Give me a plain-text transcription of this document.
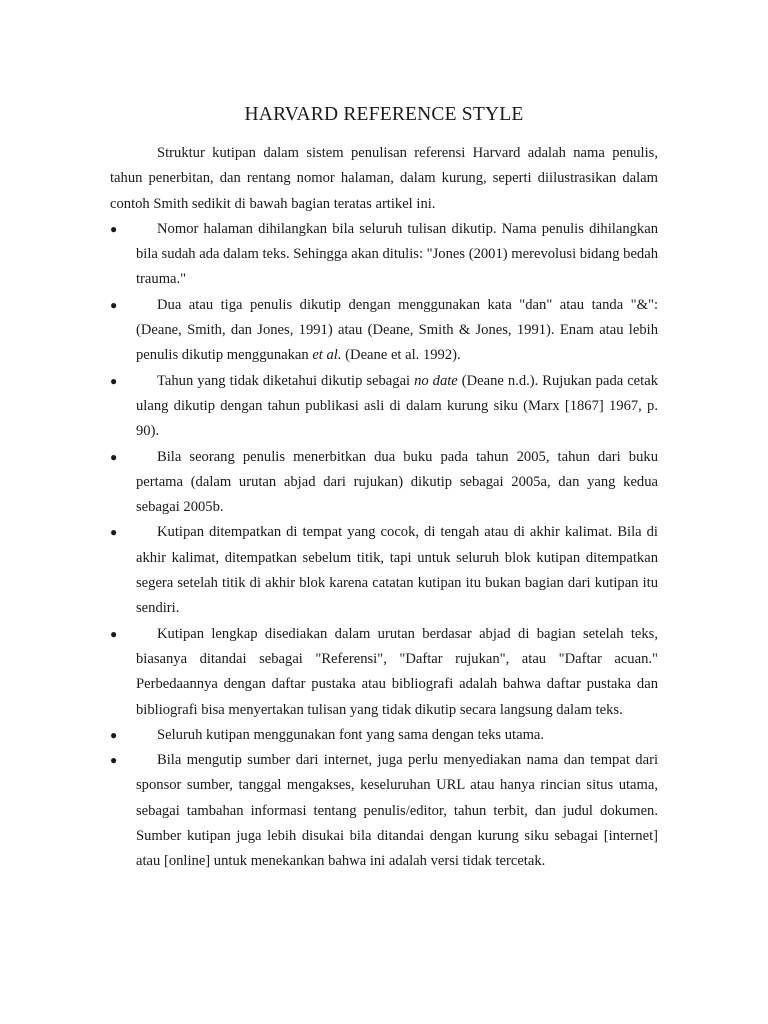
HARVARD REFERENCE STYLE

Struktur kutipan dalam sistem penulisan referensi Harvard adalah nama penulis, tahun penerbitan, dan rentang nomor halaman, dalam kurung, seperti diilustrasikan dalam contoh Smith sedikit di bawah bagian teratas artikel ini.

●	Nomor halaman dihilangkan bila seluruh tulisan dikutip. Nama penulis dihilangkan bila sudah ada dalam teks. Sehingga akan ditulis: "Jones (2001) merevolusi bidang bedah trauma."
●	Dua atau tiga penulis dikutip dengan menggunakan kata "dan" atau tanda "&": (Deane, Smith, dan Jones, 1991) atau (Deane, Smith & Jones, 1991). Enam atau lebih penulis dikutip menggunakan et al. (Deane et al. 1992).
●	Tahun yang tidak diketahui dikutip sebagai no date (Deane n.d.). Rujukan pada cetak ulang dikutip dengan tahun publikasi asli di dalam kurung siku (Marx [1867] 1967, p. 90).
●	Bila seorang penulis menerbitkan dua buku pada tahun 2005, tahun dari buku pertama (dalam urutan abjad dari rujukan) dikutip sebagai 2005a, dan yang kedua sebagai 2005b.
●	Kutipan ditempatkan di tempat yang cocok, di tengah atau di akhir kalimat. Bila di akhir kalimat, ditempatkan sebelum titik, tapi untuk seluruh blok kutipan ditempatkan segera setelah titik di akhir blok karena catatan kutipan itu bukan bagian dari kutipan itu sendiri.
●	Kutipan lengkap disediakan dalam urutan berdasar abjad di bagian setelah teks, biasanya ditandai sebagai "Referensi", "Daftar rujukan", atau "Daftar acuan." Perbedaannya dengan daftar pustaka atau bibliografi adalah bahwa daftar pustaka dan bibliografi bisa menyertakan tulisan yang tidak dikutip secara langsung dalam teks.
●	Seluruh kutipan menggunakan font yang sama dengan teks utama.
●	Bila mengutip sumber dari internet, juga perlu menyediakan nama dan tempat dari sponsor sumber, tanggal mengakses, keseluruhan URL atau hanya rincian situs utama, sebagai tambahan informasi tentang penulis/editor, tahun terbit, dan judul dokumen. Sumber kutipan juga lebih disukai bila ditandai dengan kurung siku sebagai [internet] atau [online] untuk menekankan bahwa ini adalah versi tidak tercetak.
